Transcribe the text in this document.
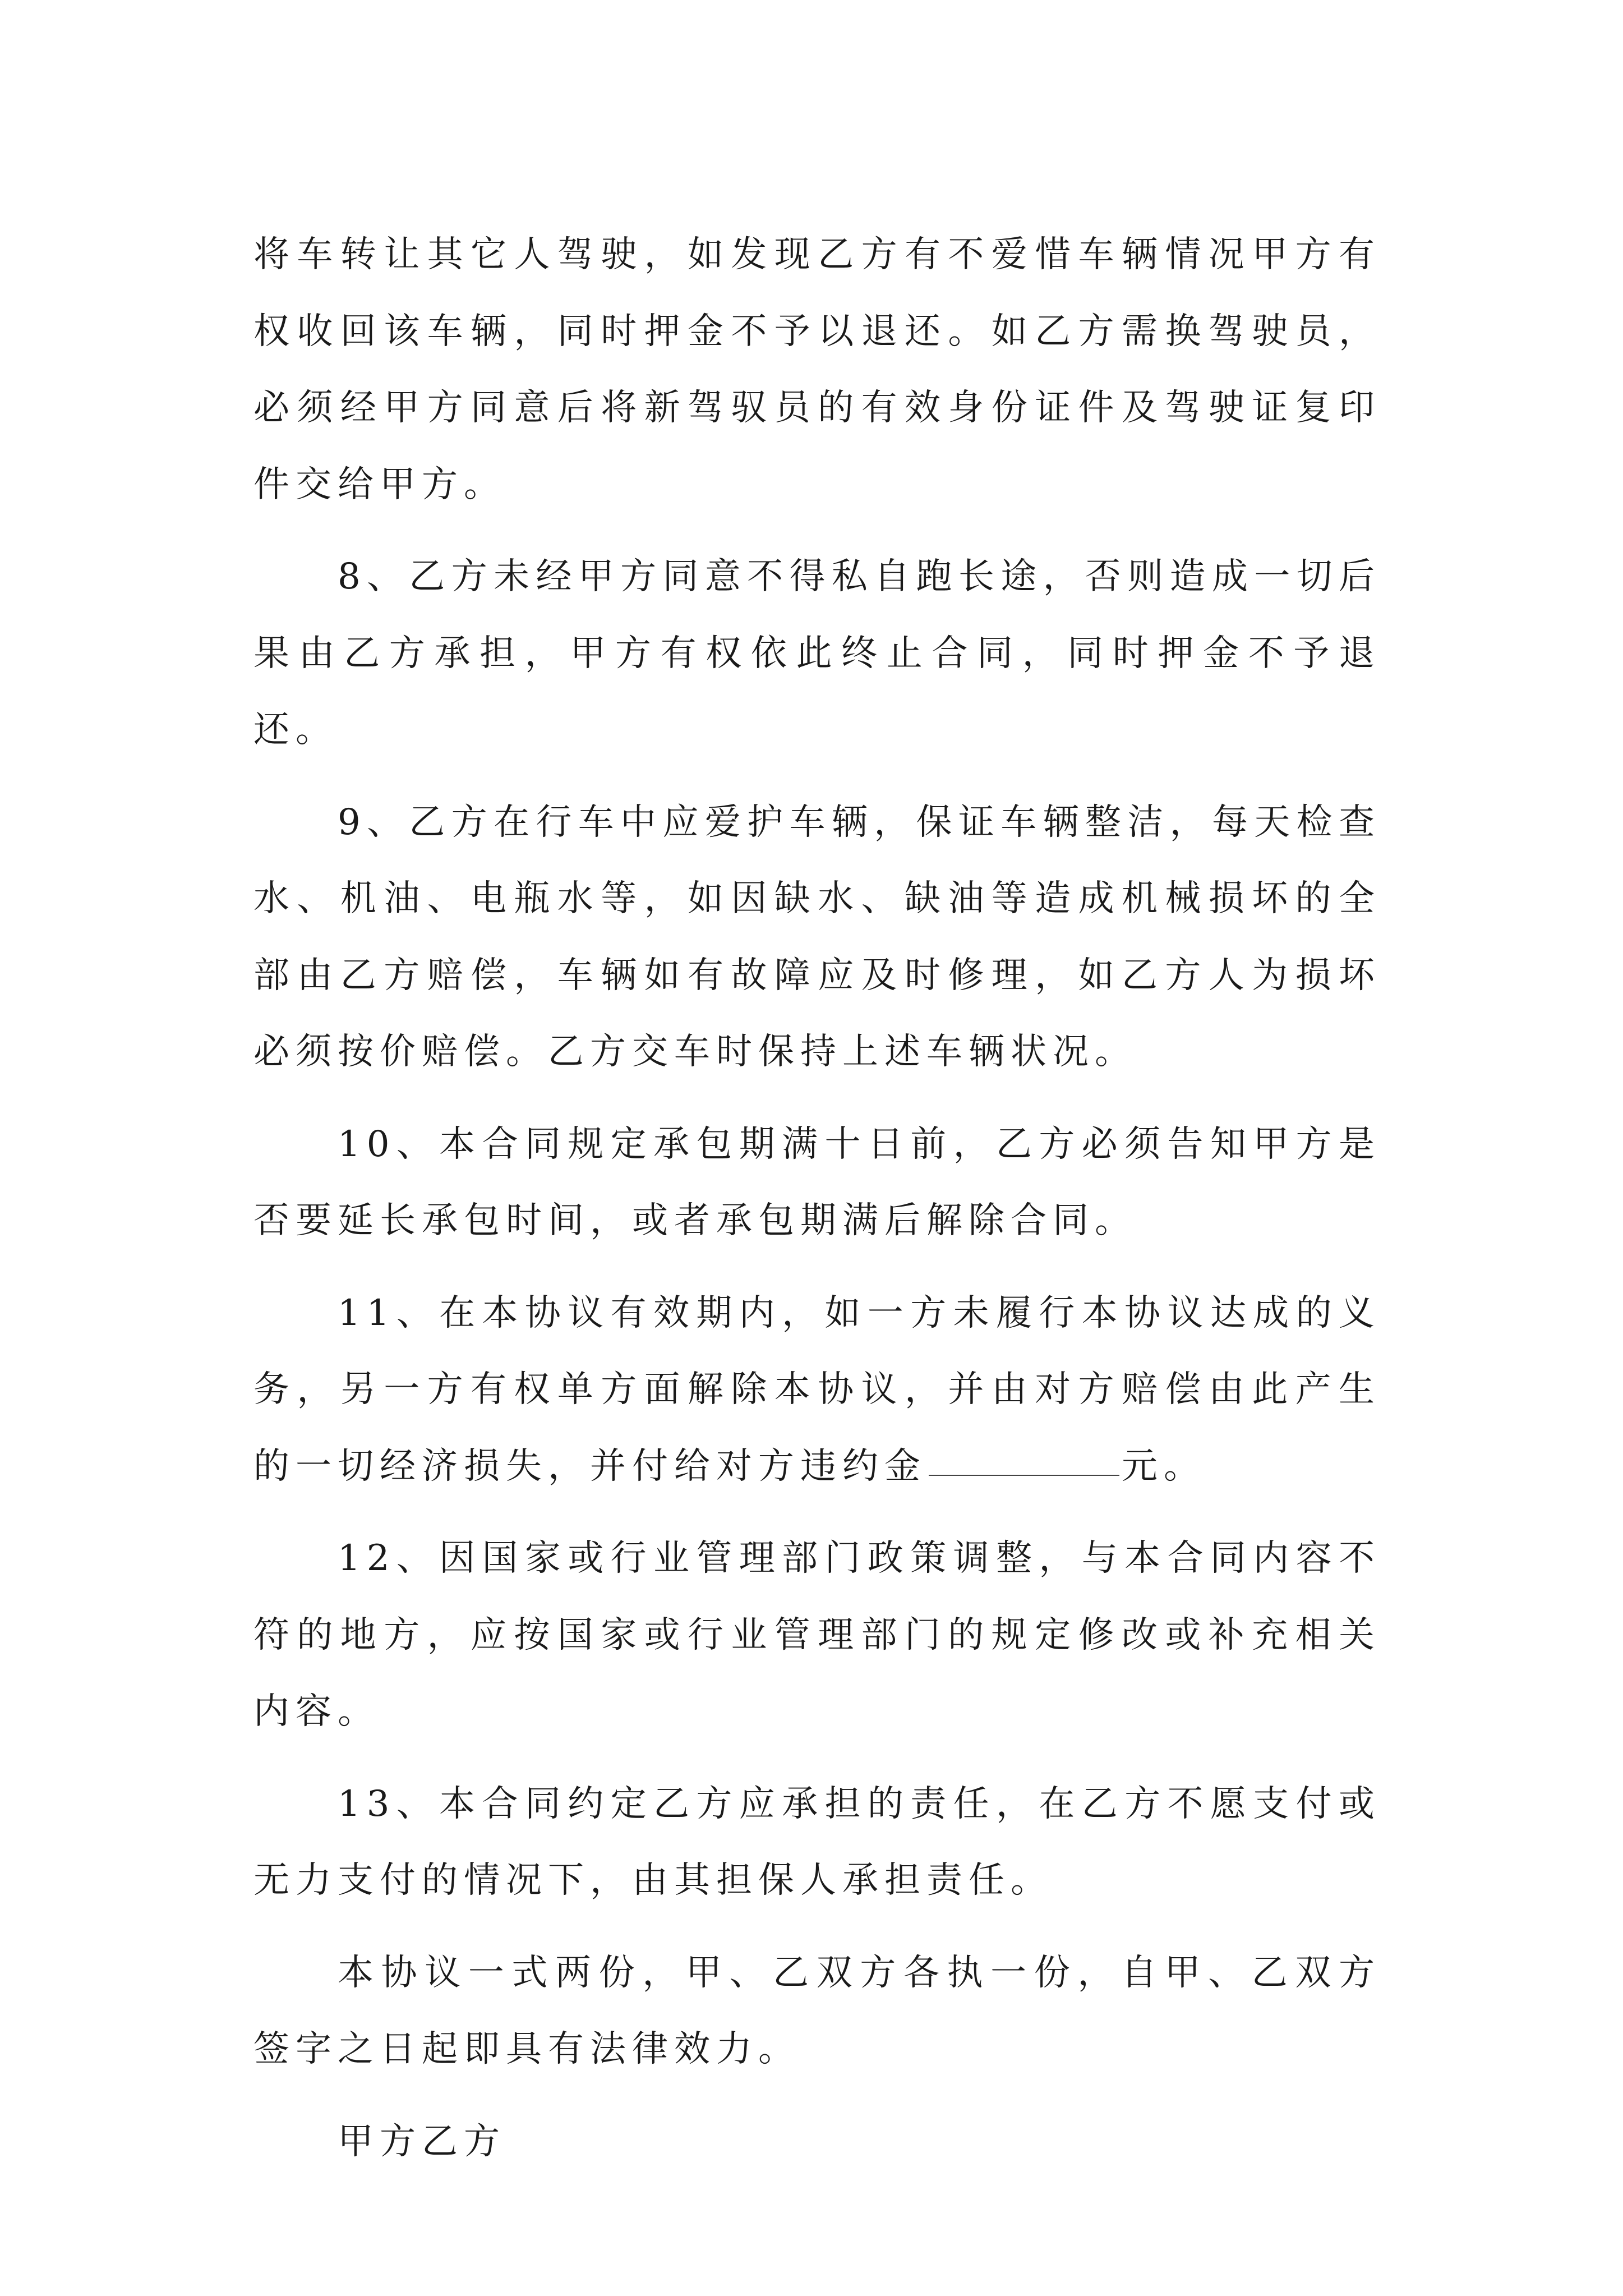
将车转让其它人驾驶，如发现乙方有不爱惜车辆情况甲方有权收回该车辆，同时押金不予以退还。如乙方需换驾驶员，必须经甲方同意后将新驾驭员的有效身份证件及驾驶证复印件交给甲方。

8、乙方未经甲方同意不得私自跑长途，否则造成一切后果由乙方承担，甲方有权依此终止合同，同时押金不予退还。

9、乙方在行车中应爱护车辆，保证车辆整洁，每天检查水、机油、电瓶水等，如因缺水、缺油等造成机械损坏的全部由乙方赔偿，车辆如有故障应及时修理，如乙方人为损坏必须按价赔偿。乙方交车时保持上述车辆状况。

10、本合同规定承包期满十日前，乙方必须告知甲方是否要延长承包时间，或者承包期满后解除合同。

11、在本协议有效期内，如一方未履行本协议达成的义务，另一方有权单方面解除本协议，并由对方赔偿由此产生的一切经济损失，并付给对方违约金	元。

12、因国家或行业管理部门政策调整，与本合同内容不符的地方，应按国家或行业管理部门的规定修改或补充相关内容。

13、本合同约定乙方应承担的责任，在乙方不愿支付或无力支付的情况下，由其担保人承担责任。

本协议一式两份，甲、乙双方各执一份，自甲、乙双方签字之日起即具有法律效力。

甲方乙方
